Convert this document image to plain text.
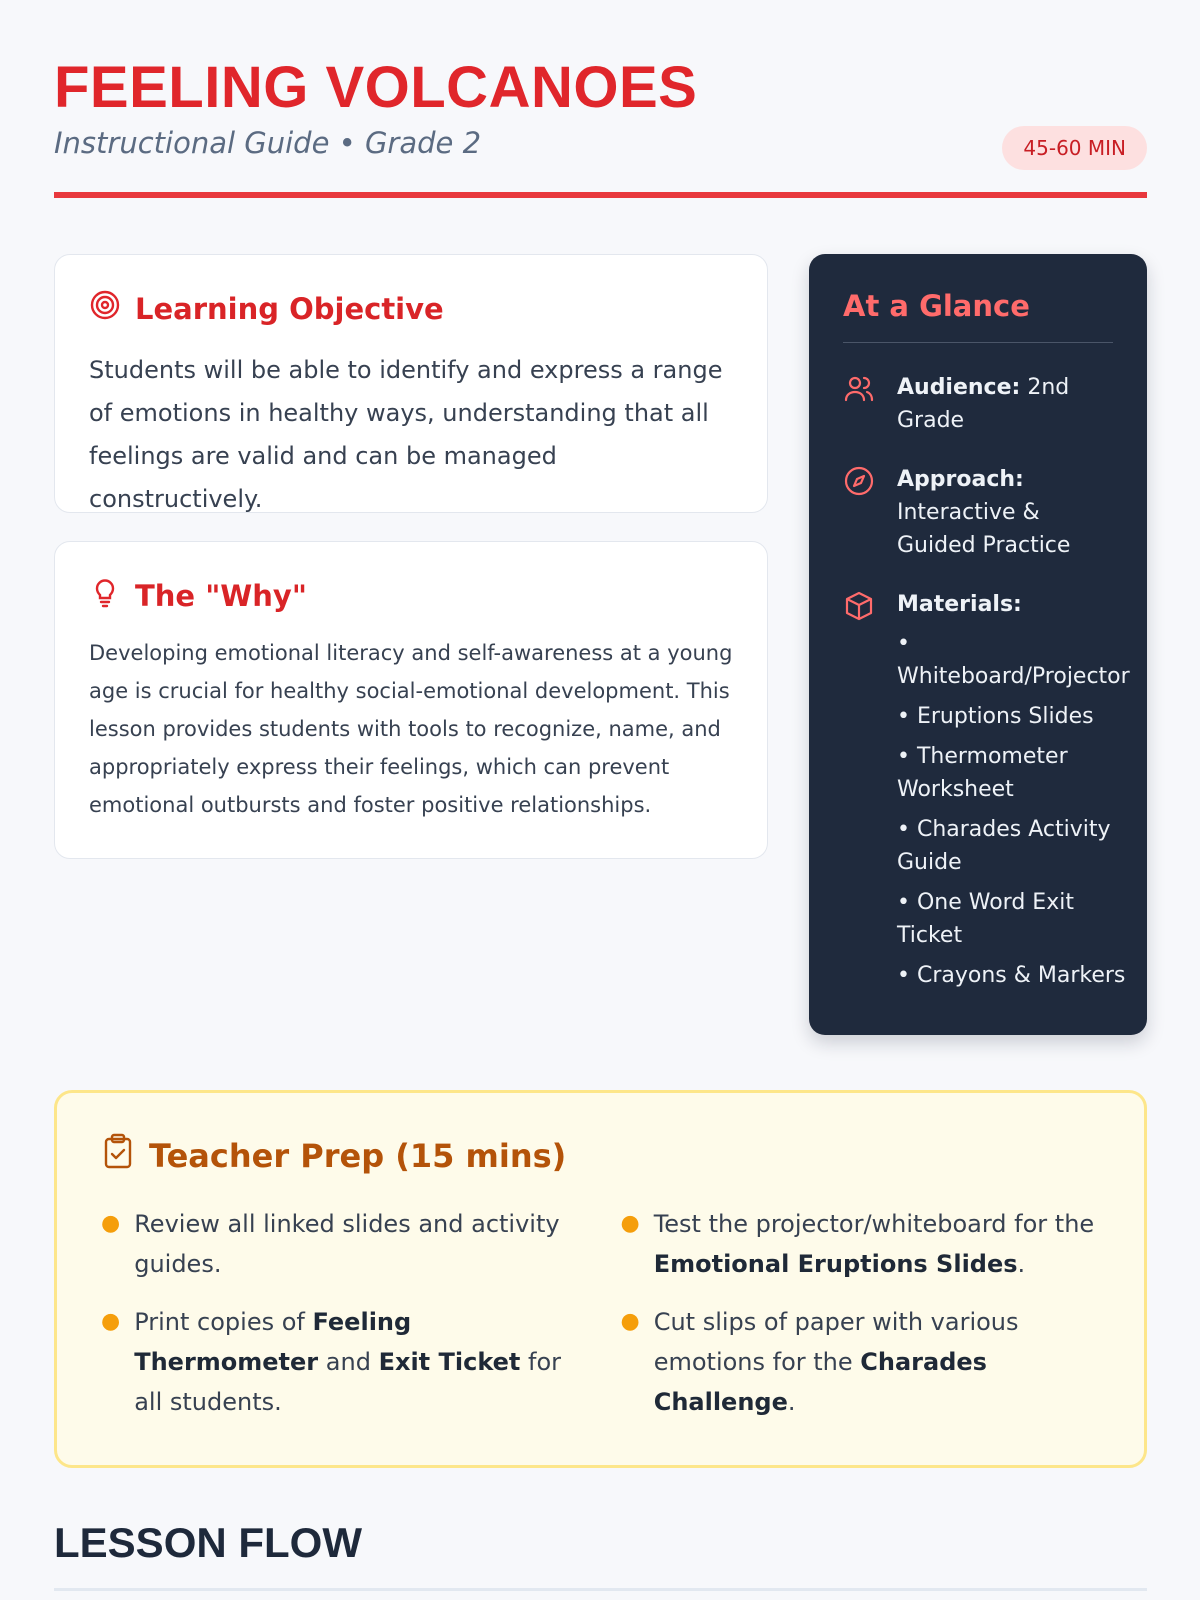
FEELING VOLCANOES
Instructional Guide • Grade 2	45-60 MIN
Learning Objective

Students will be able to identify and express a range of emotions in healthy ways, understanding that all feelings are valid and can be managed constructively.

The "Why"

Developing emotional literacy and self-awareness at a young age is crucial for healthy social-emotional development. This lesson provides students with tools to recognize, name, and appropriately express their feelings, which can prevent emotional outbursts and foster positive relationships.

At a Glance
Audience: 2nd Grade
Approach: Interactive & Guided Practice
Materials:
• Whiteboard/Projector
• Eruptions Slides
• Thermometer Worksheet
• Charades Activity Guide
• One Word Exit Ticket
• Crayons & Markers
Teacher Prep (15 mins)
● Review all linked slides and activity guides.
● Test the projector/whiteboard for the Emotional Eruptions Slides.
● Print copies of Feeling Thermometer and Exit Ticket for all students.
● Cut slips of paper with various emotions for the Charades Challenge.
LESSON FLOW
